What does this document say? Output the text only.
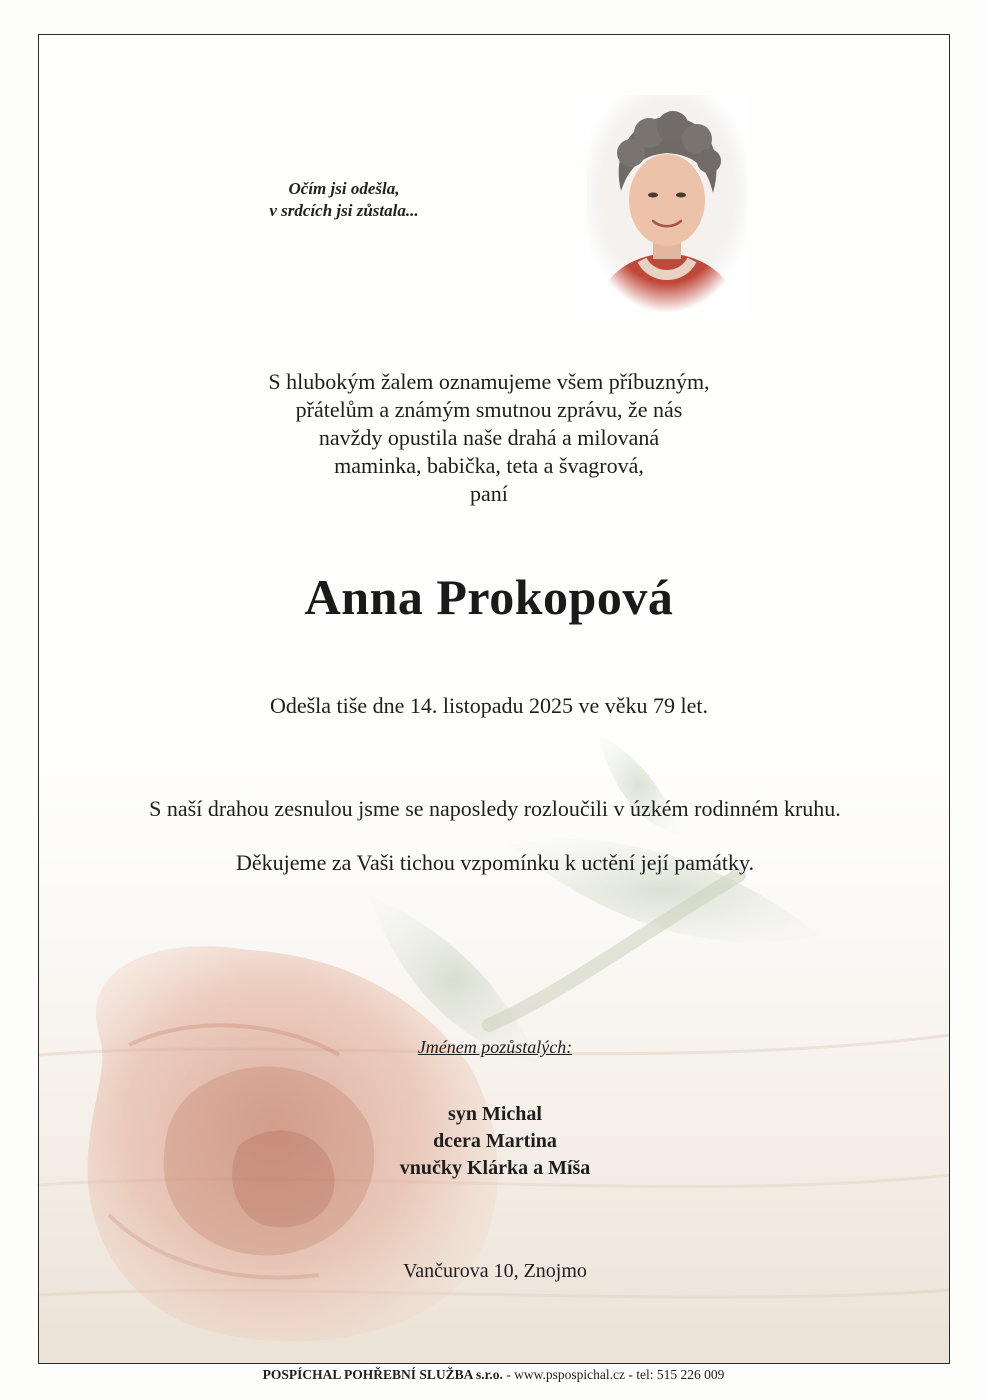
Očím jsi odešla,
v srdcích jsi zůstala...
S hlubokým žalem oznamujeme všem příbuzným,
přátelům a známým smutnou zprávu, že nás
navždy opustila naše drahá a milovaná
maminka, babička, teta a švagrová,
paní
Anna Prokopová
Odešla tiše dne 14. listopadu 2025 ve věku 79 let.
S naší drahou zesnulou jsme se naposledy rozloučili v úzkém rodinném kruhu.
Děkujeme za Vaši tichou vzpomínku k uctění její památky.
Jménem pozůstalých:
syn Michal
dcera Martina
vnučky Klárka a Míša
Vančurova 10, Znojmo
POSPÍCHAL POHŘEBNÍ SLUŽBA s.r.o. - www.pspospichal.cz - tel: 515 226 009
